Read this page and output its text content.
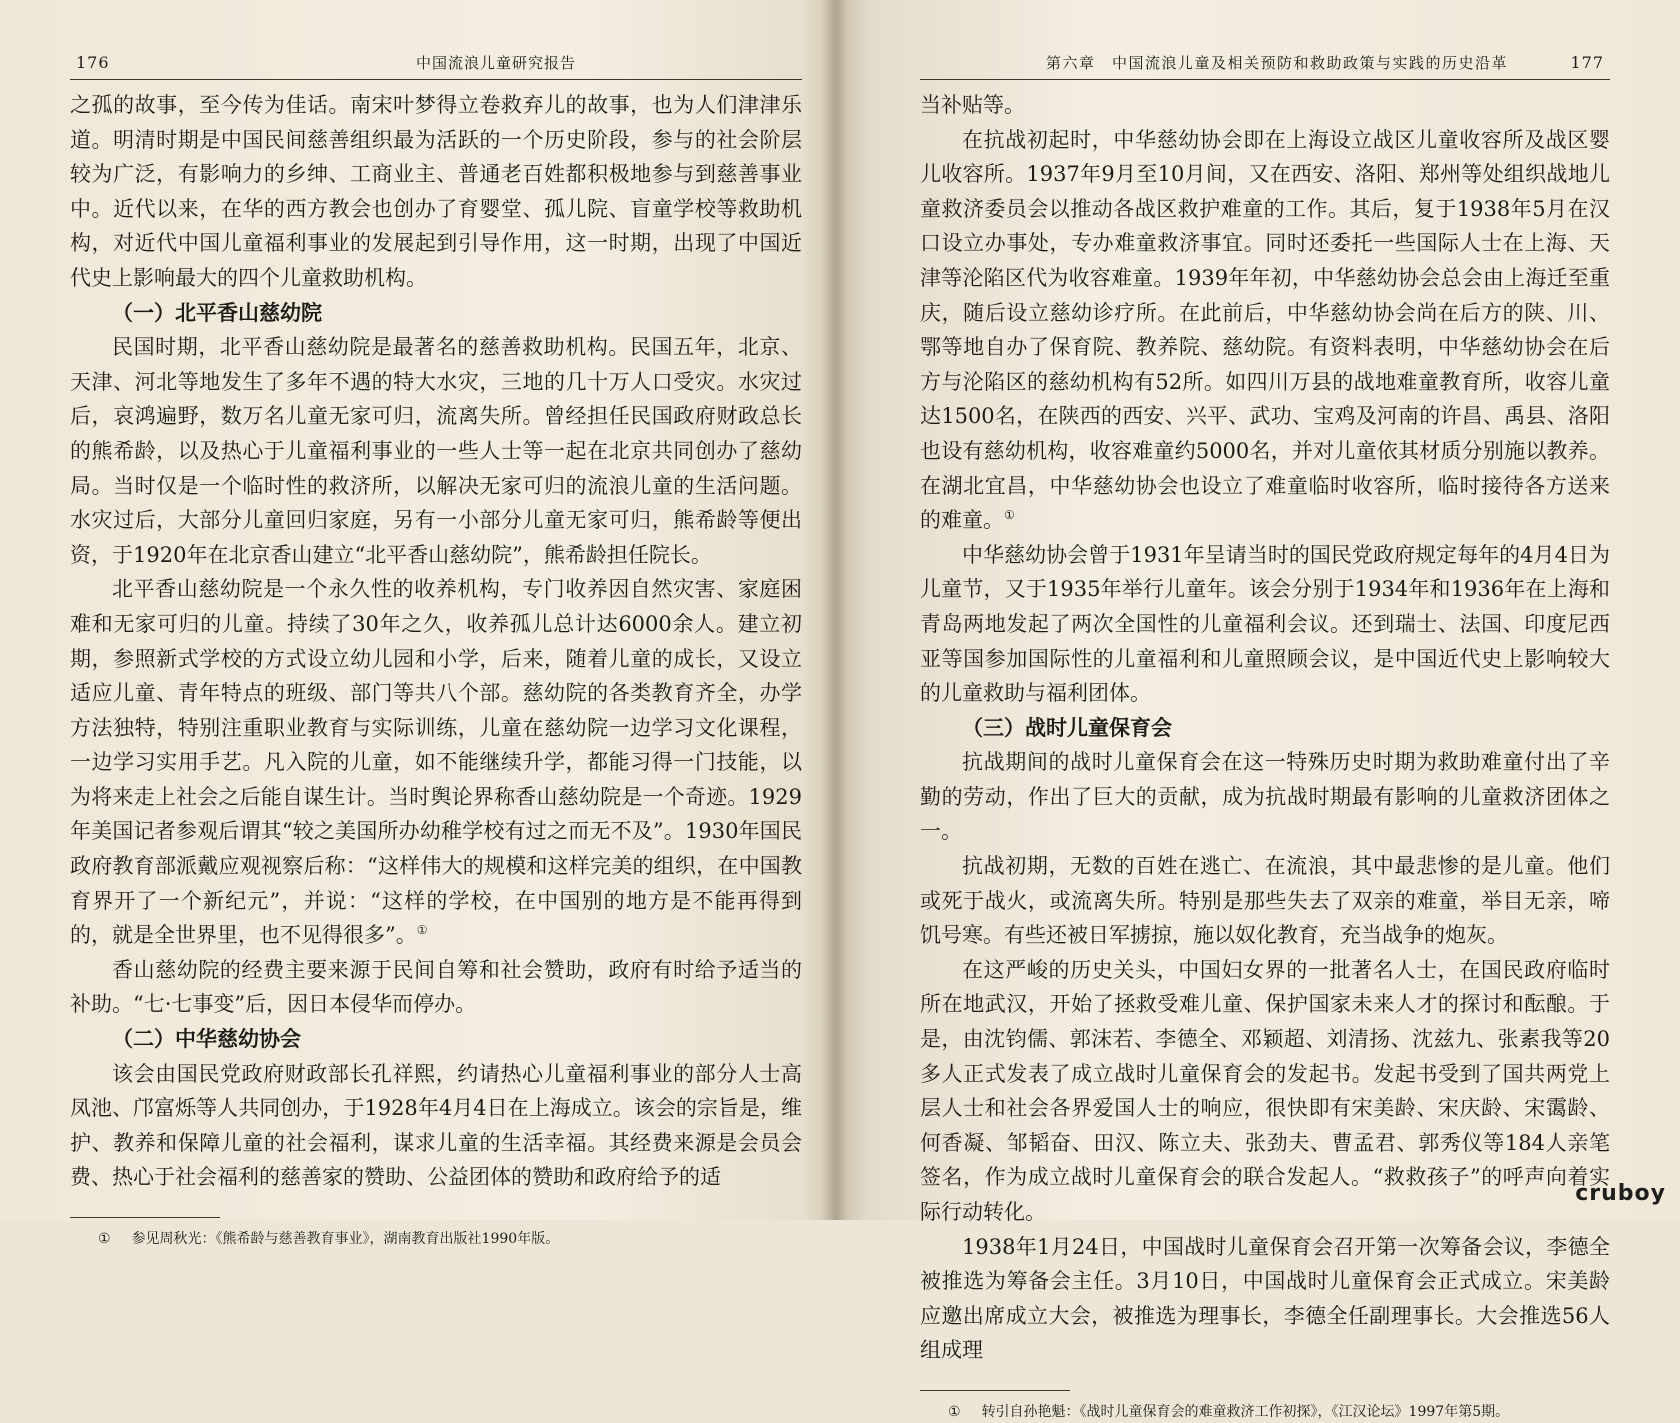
176	中国流浪儿童研究报告

之孤的故事，至今传为佳话。南宋叶梦得立卷救弃儿的故事，也为人们津津乐道。明清时期是中国民间慈善组织最为活跃的一个历史阶段，参与的社会阶层较为广泛，有影响力的乡绅、工商业主、普通老百姓都积极地参与到慈善事业中。近代以来，在华的西方教会也创办了育婴堂、孤儿院、盲童学校等救助机构，对近代中国儿童福利事业的发展起到引导作用，这一时期，出现了中国近代史上影响最大的四个儿童救助机构。

（一）北平香山慈幼院

民国时期，北平香山慈幼院是最著名的慈善救助机构。民国五年，北京、天津、河北等地发生了多年不遇的特大水灾，三地的几十万人口受灾。水灾过后，哀鸿遍野，数万名儿童无家可归，流离失所。曾经担任民国政府财政总长的熊希龄，以及热心于儿童福利事业的一些人士等一起在北京共同创办了慈幼局。当时仅是一个临时性的救济所，以解决无家可归的流浪儿童的生活问题。水灾过后，大部分儿童回归家庭，另有一小部分儿童无家可归，熊希龄等便出资，于1920年在北京香山建立“北平香山慈幼院”，熊希龄担任院长。

北平香山慈幼院是一个永久性的收养机构，专门收养因自然灾害、家庭困难和无家可归的儿童。持续了30年之久，收养孤儿总计达6000余人。建立初期，参照新式学校的方式设立幼儿园和小学，后来，随着儿童的成长，又设立适应儿童、青年特点的班级、部门等共八个部。慈幼院的各类教育齐全，办学方法独特，特别注重职业教育与实际训练，儿童在慈幼院一边学习文化课程，一边学习实用手艺。凡入院的儿童，如不能继续升学，都能习得一门技能，以为将来走上社会之后能自谋生计。当时舆论界称香山慈幼院是一个奇迹。1929年美国记者参观后谓其“较之美国所办幼稚学校有过之而无不及”。1930年国民政府教育部派戴应观视察后称：“这样伟大的规模和这样完美的组织，在中国教育界开了一个新纪元”，并说：“这样的学校，在中国别的地方是不能再得到的，就是全世界里，也不见得很多”。①

香山慈幼院的经费主要来源于民间自筹和社会赞助，政府有时给予适当的补助。“七·七事变”后，因日本侵华而停办。

（二）中华慈幼协会

该会由国民党政府财政部长孔祥熙，约请热心儿童福利事业的部分人士高凤池、邝富烁等人共同创办，于1928年4月4日在上海成立。该会的宗旨是，维护、教养和保障儿童的社会福利，谋求儿童的生活幸福。其经费来源是会员会费、热心于社会福利的慈善家的赞助、公益团体的赞助和政府给予的适

① 参见周秋光：《熊希龄与慈善教育事业》，湖南教育出版社1990年版。
第六章　中国流浪儿童及相关预防和救助政策与实践的历史沿革	177

当补贴等。

在抗战初起时，中华慈幼协会即在上海设立战区儿童收容所及战区婴儿收容所。1937年9月至10月间，又在西安、洛阳、郑州等处组织战地儿童救济委员会以推动各战区救护难童的工作。其后，复于1938年5月在汉口设立办事处，专办难童救济事宜。同时还委托一些国际人士在上海、天津等沦陷区代为收容难童。1939年年初，中华慈幼协会总会由上海迁至重庆，随后设立慈幼诊疗所。在此前后，中华慈幼协会尚在后方的陕、川、鄂等地自办了保育院、教养院、慈幼院。有资料表明，中华慈幼协会在后方与沦陷区的慈幼机构有52所。如四川万县的战地难童教育所，收容儿童达1500名，在陕西的西安、兴平、武功、宝鸡及河南的许昌、禹县、洛阳也设有慈幼机构，收容难童约5000名，并对儿童依其材质分别施以教养。在湖北宜昌，中华慈幼协会也设立了难童临时收容所，临时接待各方送来的难童。①

中华慈幼协会曾于1931年呈请当时的国民党政府规定每年的4月4日为儿童节，又于1935年举行儿童年。该会分别于1934年和1936年在上海和青岛两地发起了两次全国性的儿童福利会议。还到瑞士、法国、印度尼西亚等国参加国际性的儿童福利和儿童照顾会议，是中国近代史上影响较大的儿童救助与福利团体。

（三）战时儿童保育会

抗战期间的战时儿童保育会在这一特殊历史时期为救助难童付出了辛勤的劳动，作出了巨大的贡献，成为抗战时期最有影响的儿童救济团体之一。

抗战初期，无数的百姓在逃亡、在流浪，其中最悲惨的是儿童。他们或死于战火，或流离失所。特别是那些失去了双亲的难童，举目无亲，啼饥号寒。有些还被日军掳掠，施以奴化教育，充当战争的炮灰。

在这严峻的历史关头，中国妇女界的一批著名人士，在国民政府临时所在地武汉，开始了拯救受难儿童、保护国家未来人才的探讨和酝酿。于是，由沈钧儒、郭沫若、李德全、邓颖超、刘清扬、沈兹九、张素我等20多人正式发表了成立战时儿童保育会的发起书。发起书受到了国共两党上层人士和社会各界爱国人士的响应，很快即有宋美龄、宋庆龄、宋霭龄、何香凝、邹韬奋、田汉、陈立夫、张劲夫、曹孟君、郭秀仪等184人亲笔签名，作为成立战时儿童保育会的联合发起人。“救救孩子”的呼声向着实际行动转化。

1938年1月24日，中国战时儿童保育会召开第一次筹备会议，李德全被推选为筹备会主任。3月10日，中国战时儿童保育会正式成立。宋美龄应邀出席成立大会，被推选为理事长，李德全任副理事长。大会推选56人组成理

① 转引自孙艳魁：《战时儿童保育会的难童救济工作初探》，《江汉论坛》1997年第5期。
cruboy
